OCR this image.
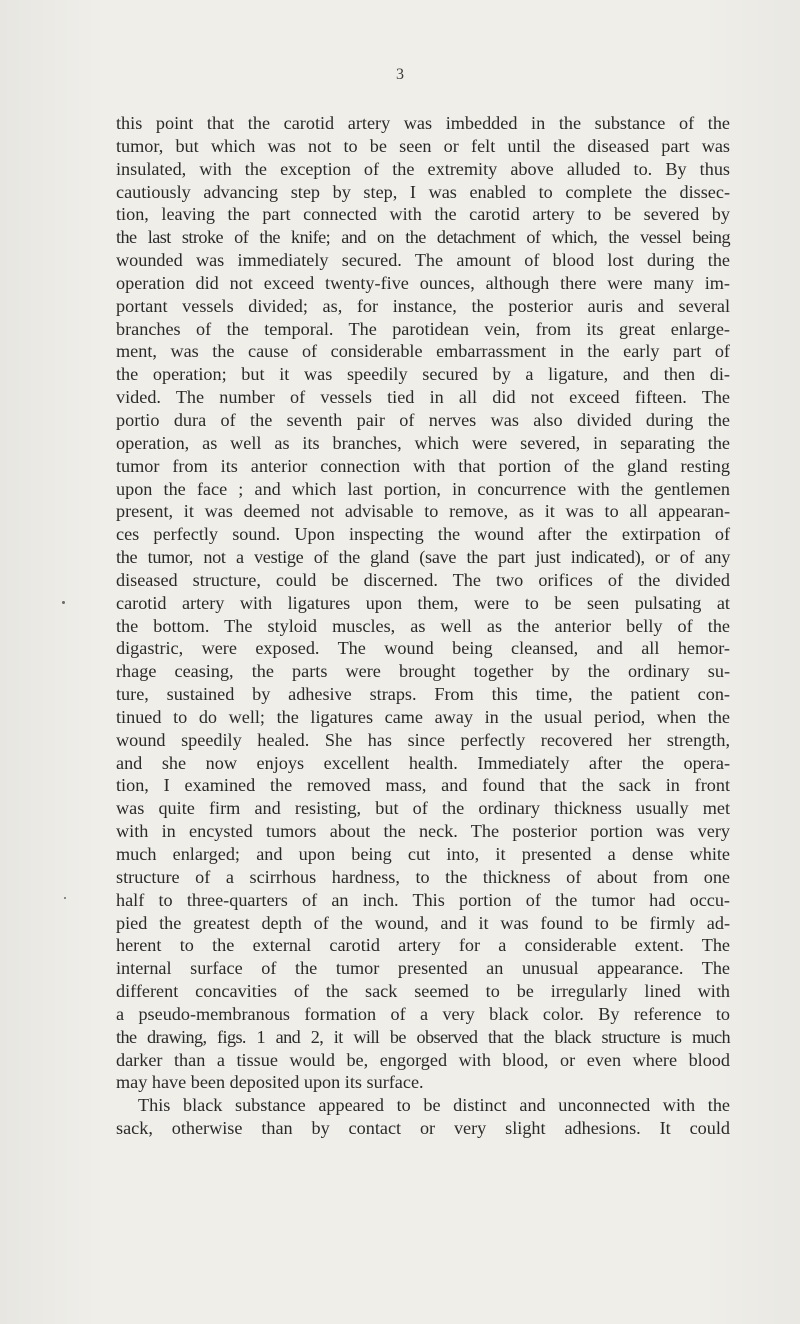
3
this point that the carotid artery was imbedded in the substance of the
tumor, but which was not to be seen or felt until the diseased part was
insulated, with the exception of the extremity above alluded to. By thus
cautiously advancing step by step, I was enabled to complete the dissec-
tion, leaving the part connected with the carotid artery to be severed by
the last stroke of the knife; and on the detachment of which, the vessel being
wounded was immediately secured. The amount of blood lost during the
operation did not exceed twenty-five ounces, although there were many im-
portant vessels divided; as, for instance, the posterior auris and several
branches of the temporal. The parotidean vein, from its great enlarge-
ment, was the cause of considerable embarrassment in the early part of
the operation; but it was speedily secured by a ligature, and then di-
vided. The number of vessels tied in all did not exceed fifteen. The
portio dura of the seventh pair of nerves was also divided during the
operation, as well as its branches, which were severed, in separating the
tumor from its anterior connection with that portion of the gland resting
upon the face ; and which last portion, in concurrence with the gentlemen
present, it was deemed not advisable to remove, as it was to all appearan-
ces perfectly sound. Upon inspecting the wound after the extirpation of
the tumor, not a vestige of the gland (save the part just indicated), or of any
diseased structure, could be discerned. The two orifices of the divided
carotid artery with ligatures upon them, were to be seen pulsating at
the bottom. The styloid muscles, as well as the anterior belly of the
digastric, were exposed. The wound being cleansed, and all hemor-
rhage ceasing, the parts were brought together by the ordinary su-
ture, sustained by adhesive straps. From this time, the patient con-
tinued to do well; the ligatures came away in the usual period, when the
wound speedily healed. She has since perfectly recovered her strength,
and she now enjoys excellent health. Immediately after the opera-
tion, I examined the removed mass, and found that the sack in front
was quite firm and resisting, but of the ordinary thickness usually met
with in encysted tumors about the neck. The posterior portion was very
much enlarged; and upon being cut into, it presented a dense white
structure of a scirrhous hardness, to the thickness of about from one
half to three-quarters of an inch. This portion of the tumor had occu-
pied the greatest depth of the wound, and it was found to be firmly ad-
herent to the external carotid artery for a considerable extent. The
internal surface of the tumor presented an unusual appearance. The
different concavities of the sack seemed to be irregularly lined with
a pseudo-membranous formation of a very black color. By reference to
the drawing, figs. 1 and 2, it will be observed that the black structure is much
darker than a tissue would be, engorged with blood, or even where blood
may have been deposited upon its surface.
This black substance appeared to be distinct and unconnected with the
sack, otherwise than by contact or very slight adhesions. It could
